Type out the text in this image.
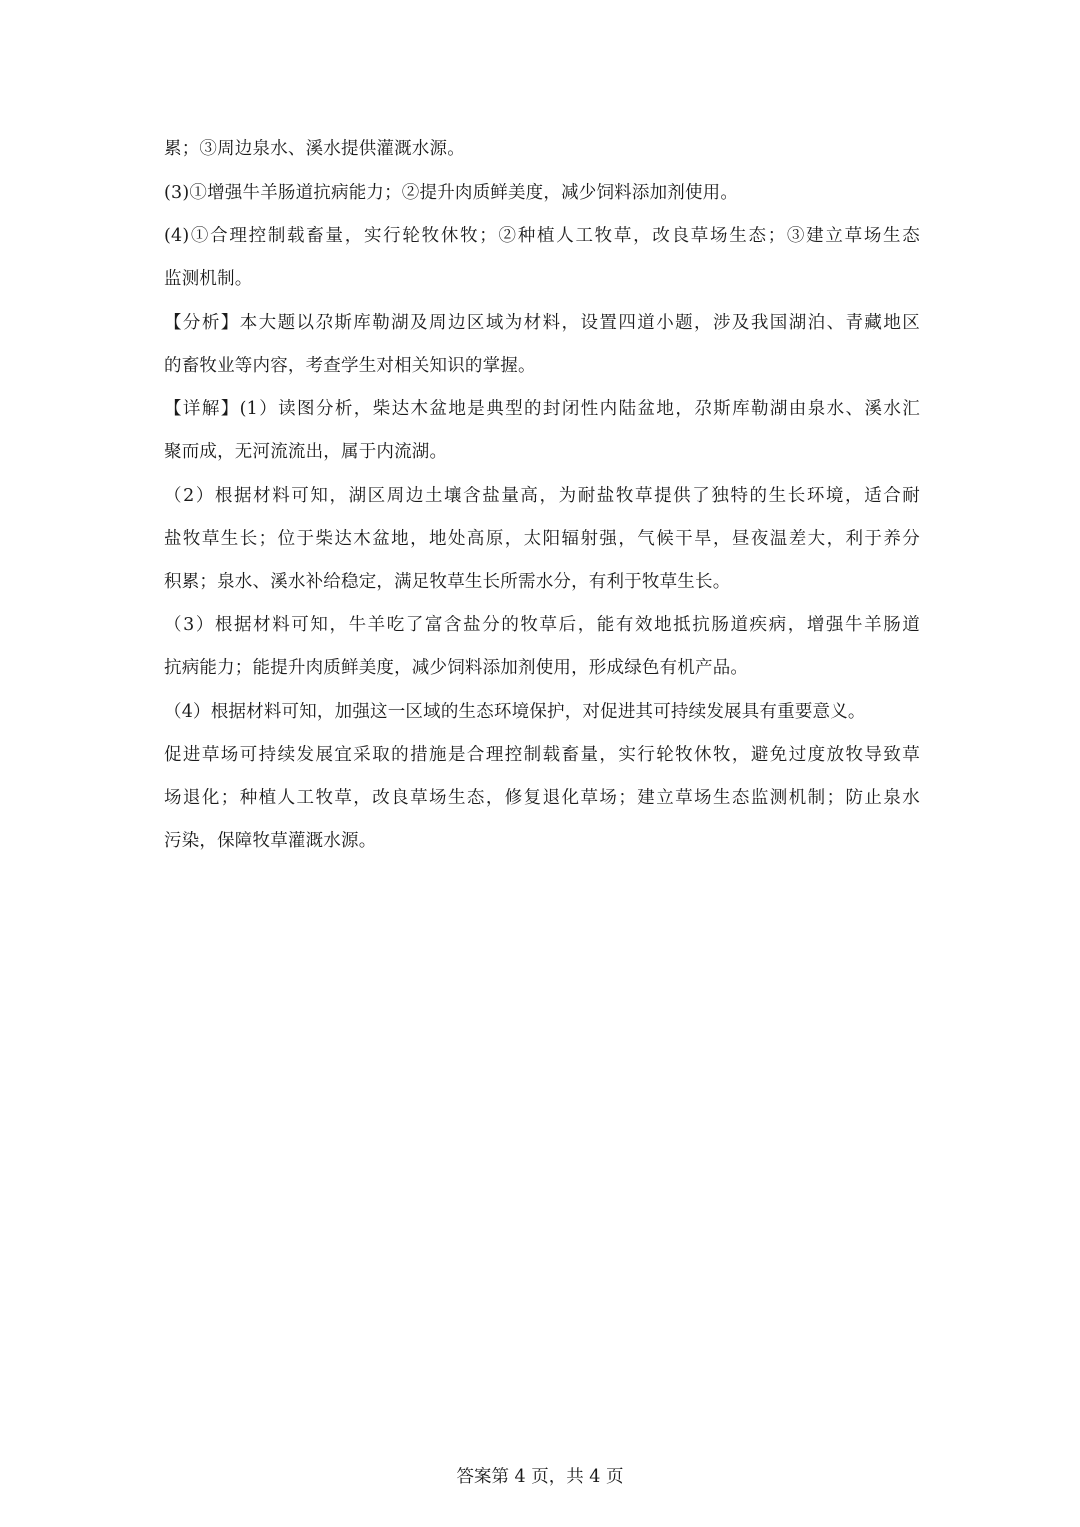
累；③周边泉水、溪水提供灌溉水源。
(3)①增强牛羊肠道抗病能力；②提升肉质鲜美度，减少饲料添加剂使用。
(4)①合理控制载畜量，实行轮牧休牧；②种植人工牧草，改良草场生态；③建立草场生态
监测机制。
【分析】本大题以尕斯库勒湖及周边区域为材料，设置四道小题，涉及我国湖泊、青藏地区
的畜牧业等内容，考查学生对相关知识的掌握。
【详解】(1）读图分析，柴达木盆地是典型的封闭性内陆盆地，尕斯库勒湖由泉水、溪水汇
聚而成，无河流流出，属于内流湖。
（2）根据材料可知，湖区周边土壤含盐量高，为耐盐牧草提供了独特的生长环境，适合耐
盐牧草生长；位于柴达木盆地，地处高原，太阳辐射强，气候干旱，昼夜温差大，利于养分
积累；泉水、溪水补给稳定，满足牧草生长所需水分，有利于牧草生长。
（3）根据材料可知，牛羊吃了富含盐分的牧草后，能有效地抵抗肠道疾病，增强牛羊肠道
抗病能力；能提升肉质鲜美度，减少饲料添加剂使用，形成绿色有机产品。
（4）根据材料可知，加强这一区域的生态环境保护，对促进其可持续发展具有重要意义。
促进草场可持续发展宜采取的措施是合理控制载畜量，实行轮牧休牧，避免过度放牧导致草
场退化；种植人工牧草，改良草场生态，修复退化草场；建立草场生态监测机制；防止泉水
污染，保障牧草灌溉水源。
答案第 4 页，共 4 页
